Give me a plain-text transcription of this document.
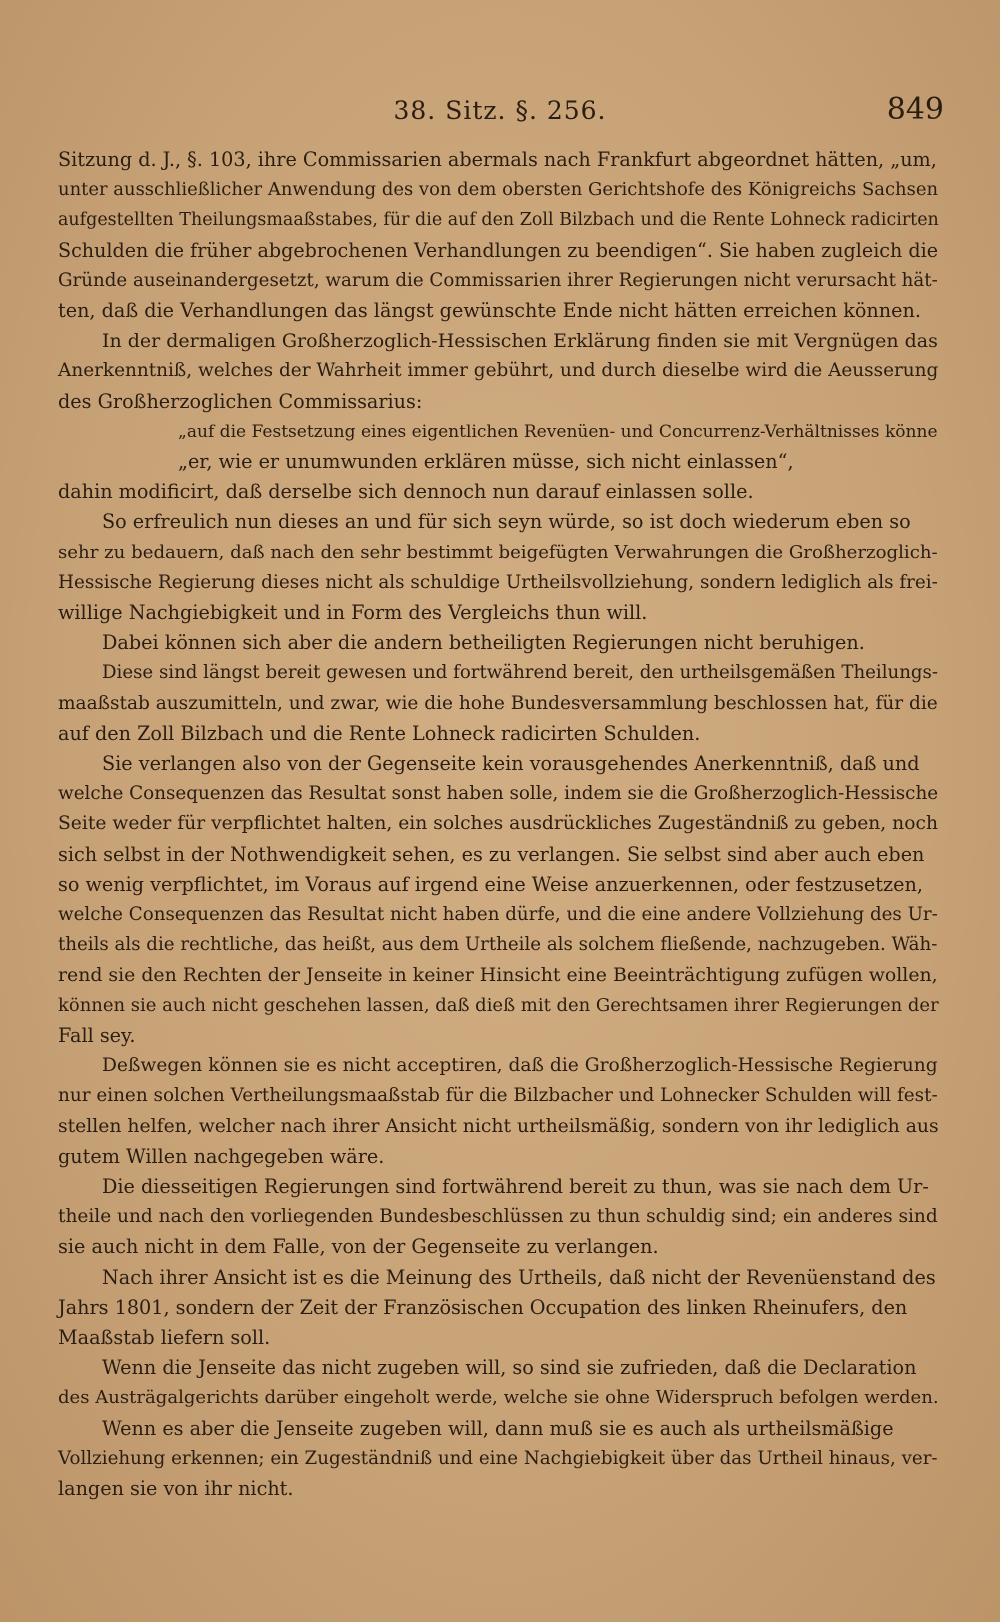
38. Sitz. §. 256.	849
Sitzung d. J., §. 103, ihre Commissarien abermals nach Frankfurt abgeordnet hätten, „um,
unter ausschließlicher Anwendung des von dem obersten Gerichtshofe des Königreichs Sachsen
aufgestellten Theilungsmaaßstabes, für die auf den Zoll Bilzbach und die Rente Lohneck radicirten
Schulden die früher abgebrochenen Verhandlungen zu beendigen“. Sie haben zugleich die
Gründe auseinandergesetzt, warum die Commissarien ihrer Regierungen nicht verursacht hät-
ten, daß die Verhandlungen das längst gewünschte Ende nicht hätten erreichen können.
In der dermaligen Großherzoglich-Hessischen Erklärung finden sie mit Vergnügen das
Anerkenntniß, welches der Wahrheit immer gebührt, und durch dieselbe wird die Aeusserung
des Großherzoglichen Commissarius:
„auf die Festsetzung eines eigentlichen Revenüen- und Concurrenz-Verhältnisses könne
„er, wie er unumwunden erklären müsse, sich nicht einlassen“,
dahin modificirt, daß derselbe sich dennoch nun darauf einlassen solle.
So erfreulich nun dieses an und für sich seyn würde, so ist doch wiederum eben so
sehr zu bedauern, daß nach den sehr bestimmt beigefügten Verwahrungen die Großherzoglich-
Hessische Regierung dieses nicht als schuldige Urtheilsvollziehung, sondern lediglich als frei-
willige Nachgiebigkeit und in Form des Vergleichs thun will.
Dabei können sich aber die andern betheiligten Regierungen nicht beruhigen.
Diese sind längst bereit gewesen und fortwährend bereit, den urtheilsgemäßen Theilungs-
maaßstab auszumitteln, und zwar, wie die hohe Bundesversammlung beschlossen hat, für die
auf den Zoll Bilzbach und die Rente Lohneck radicirten Schulden.
Sie verlangen also von der Gegenseite kein vorausgehendes Anerkenntniß, daß und
welche Consequenzen das Resultat sonst haben solle, indem sie die Großherzoglich-Hessische
Seite weder für verpflichtet halten, ein solches ausdrückliches Zugeständniß zu geben, noch
sich selbst in der Nothwendigkeit sehen, es zu verlangen. Sie selbst sind aber auch eben
so wenig verpflichtet, im Voraus auf irgend eine Weise anzuerkennen, oder festzusetzen,
welche Consequenzen das Resultat nicht haben dürfe, und die eine andere Vollziehung des Ur-
theils als die rechtliche, das heißt, aus dem Urtheile als solchem fließende, nachzugeben. Wäh-
rend sie den Rechten der Jenseite in keiner Hinsicht eine Beeinträchtigung zufügen wollen,
können sie auch nicht geschehen lassen, daß dieß mit den Gerechtsamen ihrer Regierungen der
Fall sey.
Deßwegen können sie es nicht acceptiren, daß die Großherzoglich-Hessische Regierung
nur einen solchen Vertheilungsmaaßstab für die Bilzbacher und Lohnecker Schulden will fest-
stellen helfen, welcher nach ihrer Ansicht nicht urtheilsmäßig, sondern von ihr lediglich aus
gutem Willen nachgegeben wäre.
Die diesseitigen Regierungen sind fortwährend bereit zu thun, was sie nach dem Ur-
theile und nach den vorliegenden Bundesbeschlüssen zu thun schuldig sind; ein anderes sind
sie auch nicht in dem Falle, von der Gegenseite zu verlangen.
Nach ihrer Ansicht ist es die Meinung des Urtheils, daß nicht der Revenüenstand des
Jahrs 1801, sondern der Zeit der Französischen Occupation des linken Rheinufers, den
Maaßstab liefern soll.
Wenn die Jenseite das nicht zugeben will, so sind sie zufrieden, daß die Declaration
des Austrägalgerichts darüber eingeholt werde, welche sie ohne Widerspruch befolgen werden.
Wenn es aber die Jenseite zugeben will, dann muß sie es auch als urtheilsmäßige
Vollziehung erkennen; ein Zugeständniß und eine Nachgiebigkeit über das Urtheil hinaus, ver-
langen sie von ihr nicht.
